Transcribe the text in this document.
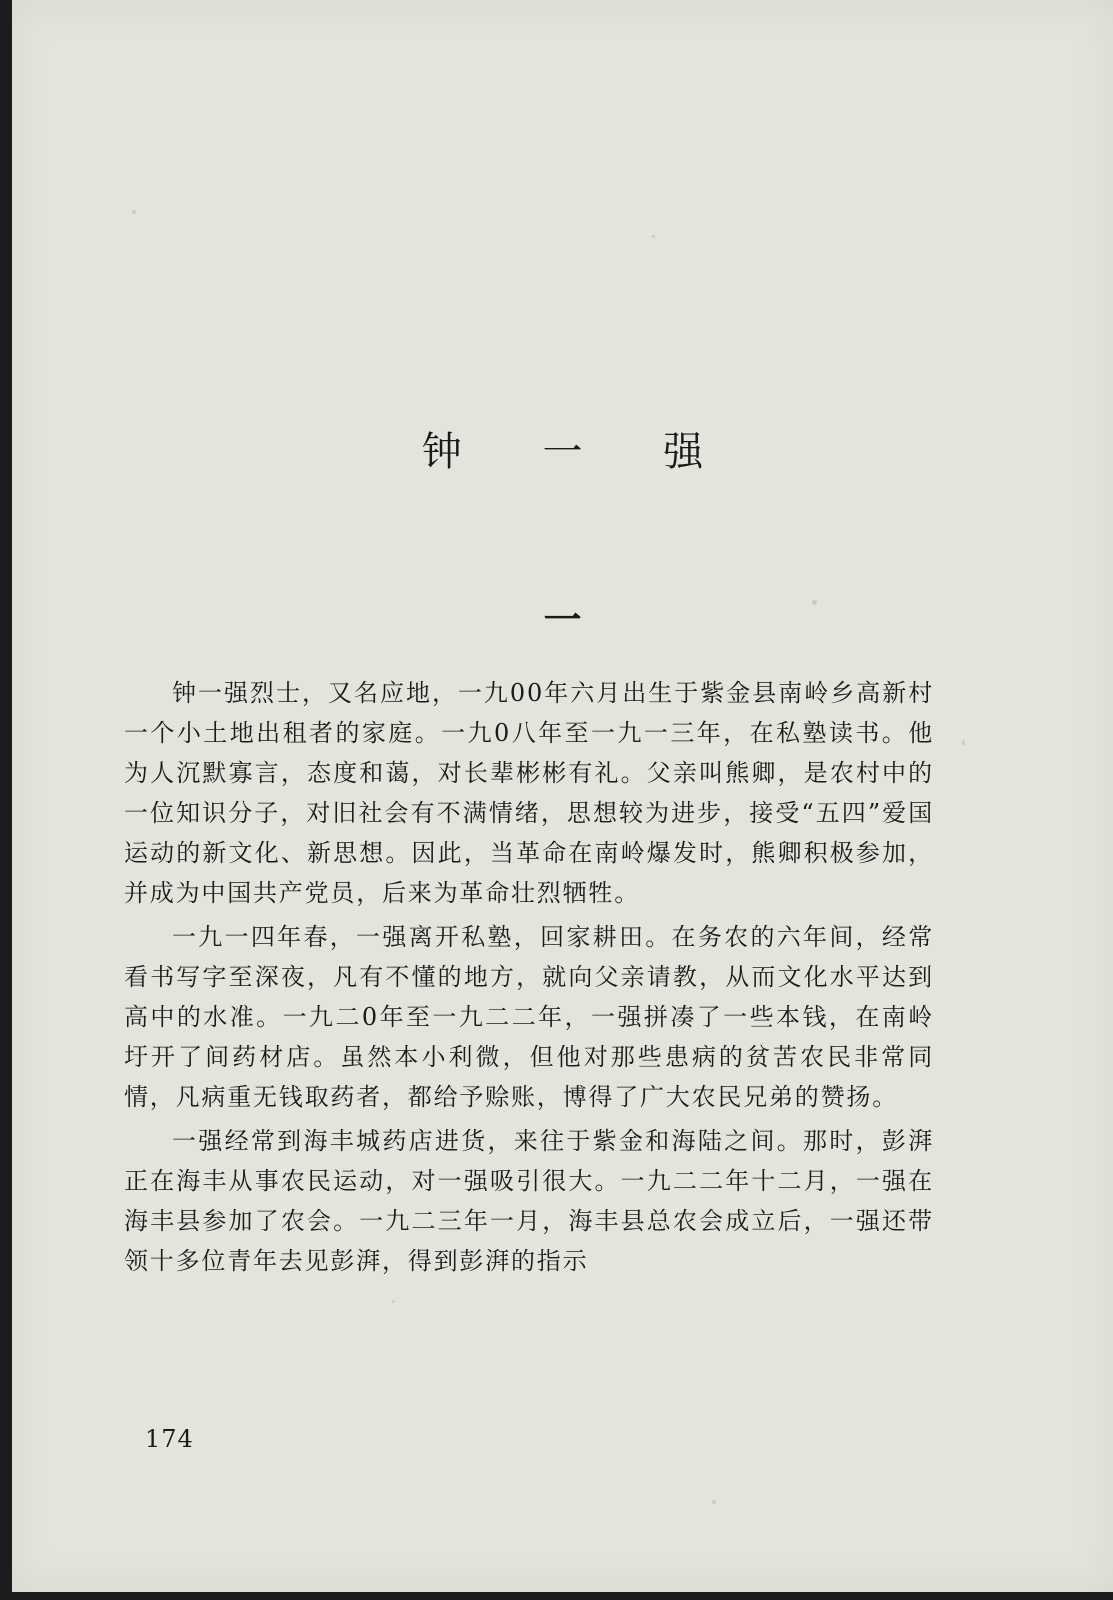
钟 一 强
一

钟一强烈士，又名应地，一九00年六月出生于紫金县南岭乡高新村一个小土地出租者的家庭。一九0八年至一九一三年，在私塾读书。他为人沉默寡言，态度和蔼，对长辈彬彬有礼。父亲叫熊卿，是农村中的一位知识分子，对旧社会有不满情绪，思想较为进步，接受“五四”爱国运动的新文化、新思想。因此，当革命在南岭爆发时，熊卿积极参加，并成为中国共产党员，后来为革命壮烈牺牲。

一九一四年春，一强离开私塾，回家耕田。在务农的六年间，经常看书写字至深夜，凡有不懂的地方，就向父亲请教，从而文化水平达到高中的水准。一九二0年至一九二二年，一强拼凑了一些本钱，在南岭圩开了间药材店。虽然本小利微，但他对那些患病的贫苦农民非常同情，凡病重无钱取药者，都给予赊账，博得了广大农民兄弟的赞扬。

一强经常到海丰城药店进货，来往于紫金和海陆之间。那时，彭湃正在海丰从事农民运动，对一强吸引很大。一九二二年十二月，一强在海丰县参加了农会。一九二三年一月，海丰县总农会成立后，一强还带领十多位青年去见彭湃，得到彭湃的指示

174
